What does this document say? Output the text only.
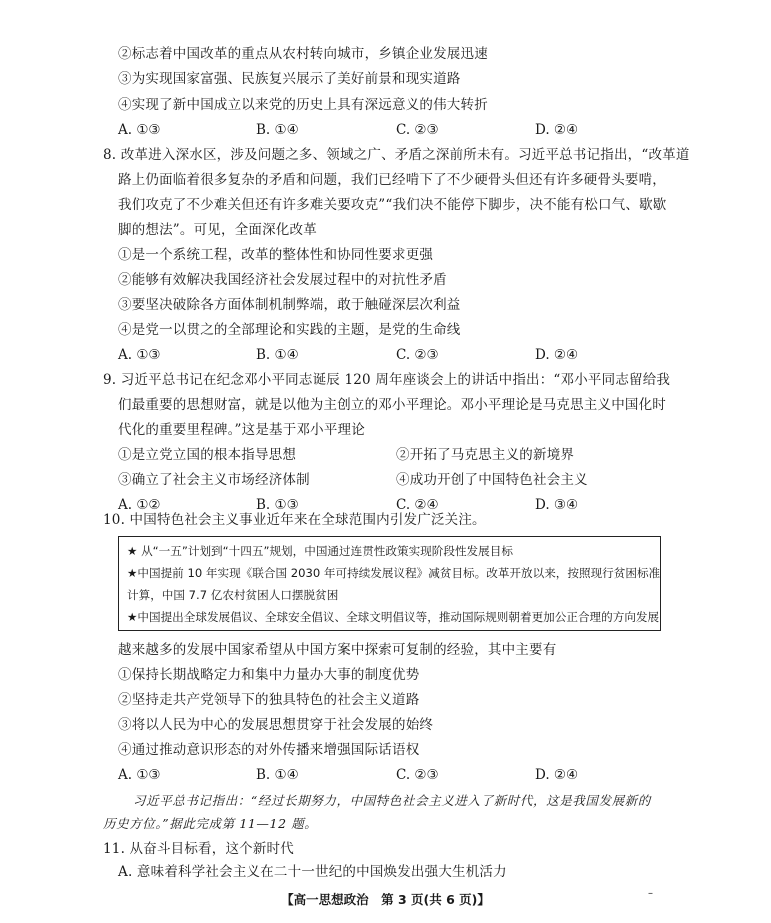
②标志着中国改革的重点从农村转向城市，乡镇企业发展迅速
③为实现国家富强、民族复兴展示了美好前景和现实道路
④实现了新中国成立以来党的历史上具有深远意义的伟大转折
A. ①③	B. ①④	C. ②③	D. ②④
8. 改革进入深水区，涉及问题之多、领域之广、矛盾之深前所未有。习近平总书记指出，“改革道
路上仍面临着很多复杂的矛盾和问题，我们已经啃下了不少硬骨头但还有许多硬骨头要啃，
我们攻克了不少难关但还有许多难关要攻克”“我们决不能停下脚步，决不能有松口气、歇歇
脚的想法”。可见，全面深化改革
①是一个系统工程，改革的整体性和协同性要求更强
②能够有效解决我国经济社会发展过程中的对抗性矛盾
③要坚决破除各方面体制机制弊端，敢于触碰深层次利益
④是党一以贯之的全部理论和实践的主题，是党的生命线
A. ①③	B. ①④	C. ②③	D. ②④
9. 习近平总书记在纪念邓小平同志诞辰 120 周年座谈会上的讲话中指出：“邓小平同志留给我
们最重要的思想财富，就是以他为主创立的邓小平理论。邓小平理论是马克思主义中国化时
代化的重要里程碑。”这是基于邓小平理论
①是立党立国的根本指导思想	②开拓了马克思主义的新境界
③确立了社会主义市场经济体制	④成功开创了中国特色社会主义
A. ①②	B. ①③	C. ②④	D. ③④
10. 中国特色社会主义事业近年来在全球范围内引发广泛关注。
★ 从“一五”计划到“十四五”规划，中国通过连贯性政策实现阶段性发展目标
★中国提前 10 年实现《联合国 2030 年可持续发展议程》减贫目标。改革开放以来，按照现行贫困标准
计算，中国 7.7 亿农村贫困人口摆脱贫困
★中国提出全球发展倡议、全球安全倡议、全球文明倡议等，推动国际规则朝着更加公正合理的方向发展
越来越多的发展中国家希望从中国方案中探索可复制的经验，其中主要有
①保持长期战略定力和集中力量办大事的制度优势
②坚持走共产党领导下的独具特色的社会主义道路
③将以人民为中心的发展思想贯穿于社会发展的始终
④通过推动意识形态的对外传播来增强国际话语权
A. ①③	B. ①④	C. ②③	D. ②④
习近平总书记指出：“经过长期努力，中国特色社会主义进入了新时代，这是我国发展新的
历史方位。”据此完成第 11—12 题。
11. 从奋斗目标看，这个新时代
A. 意味着科学社会主义在二十一世纪的中国焕发出强大生机活力
【高一思想政治　第 3 页(共 6 页)】	–
